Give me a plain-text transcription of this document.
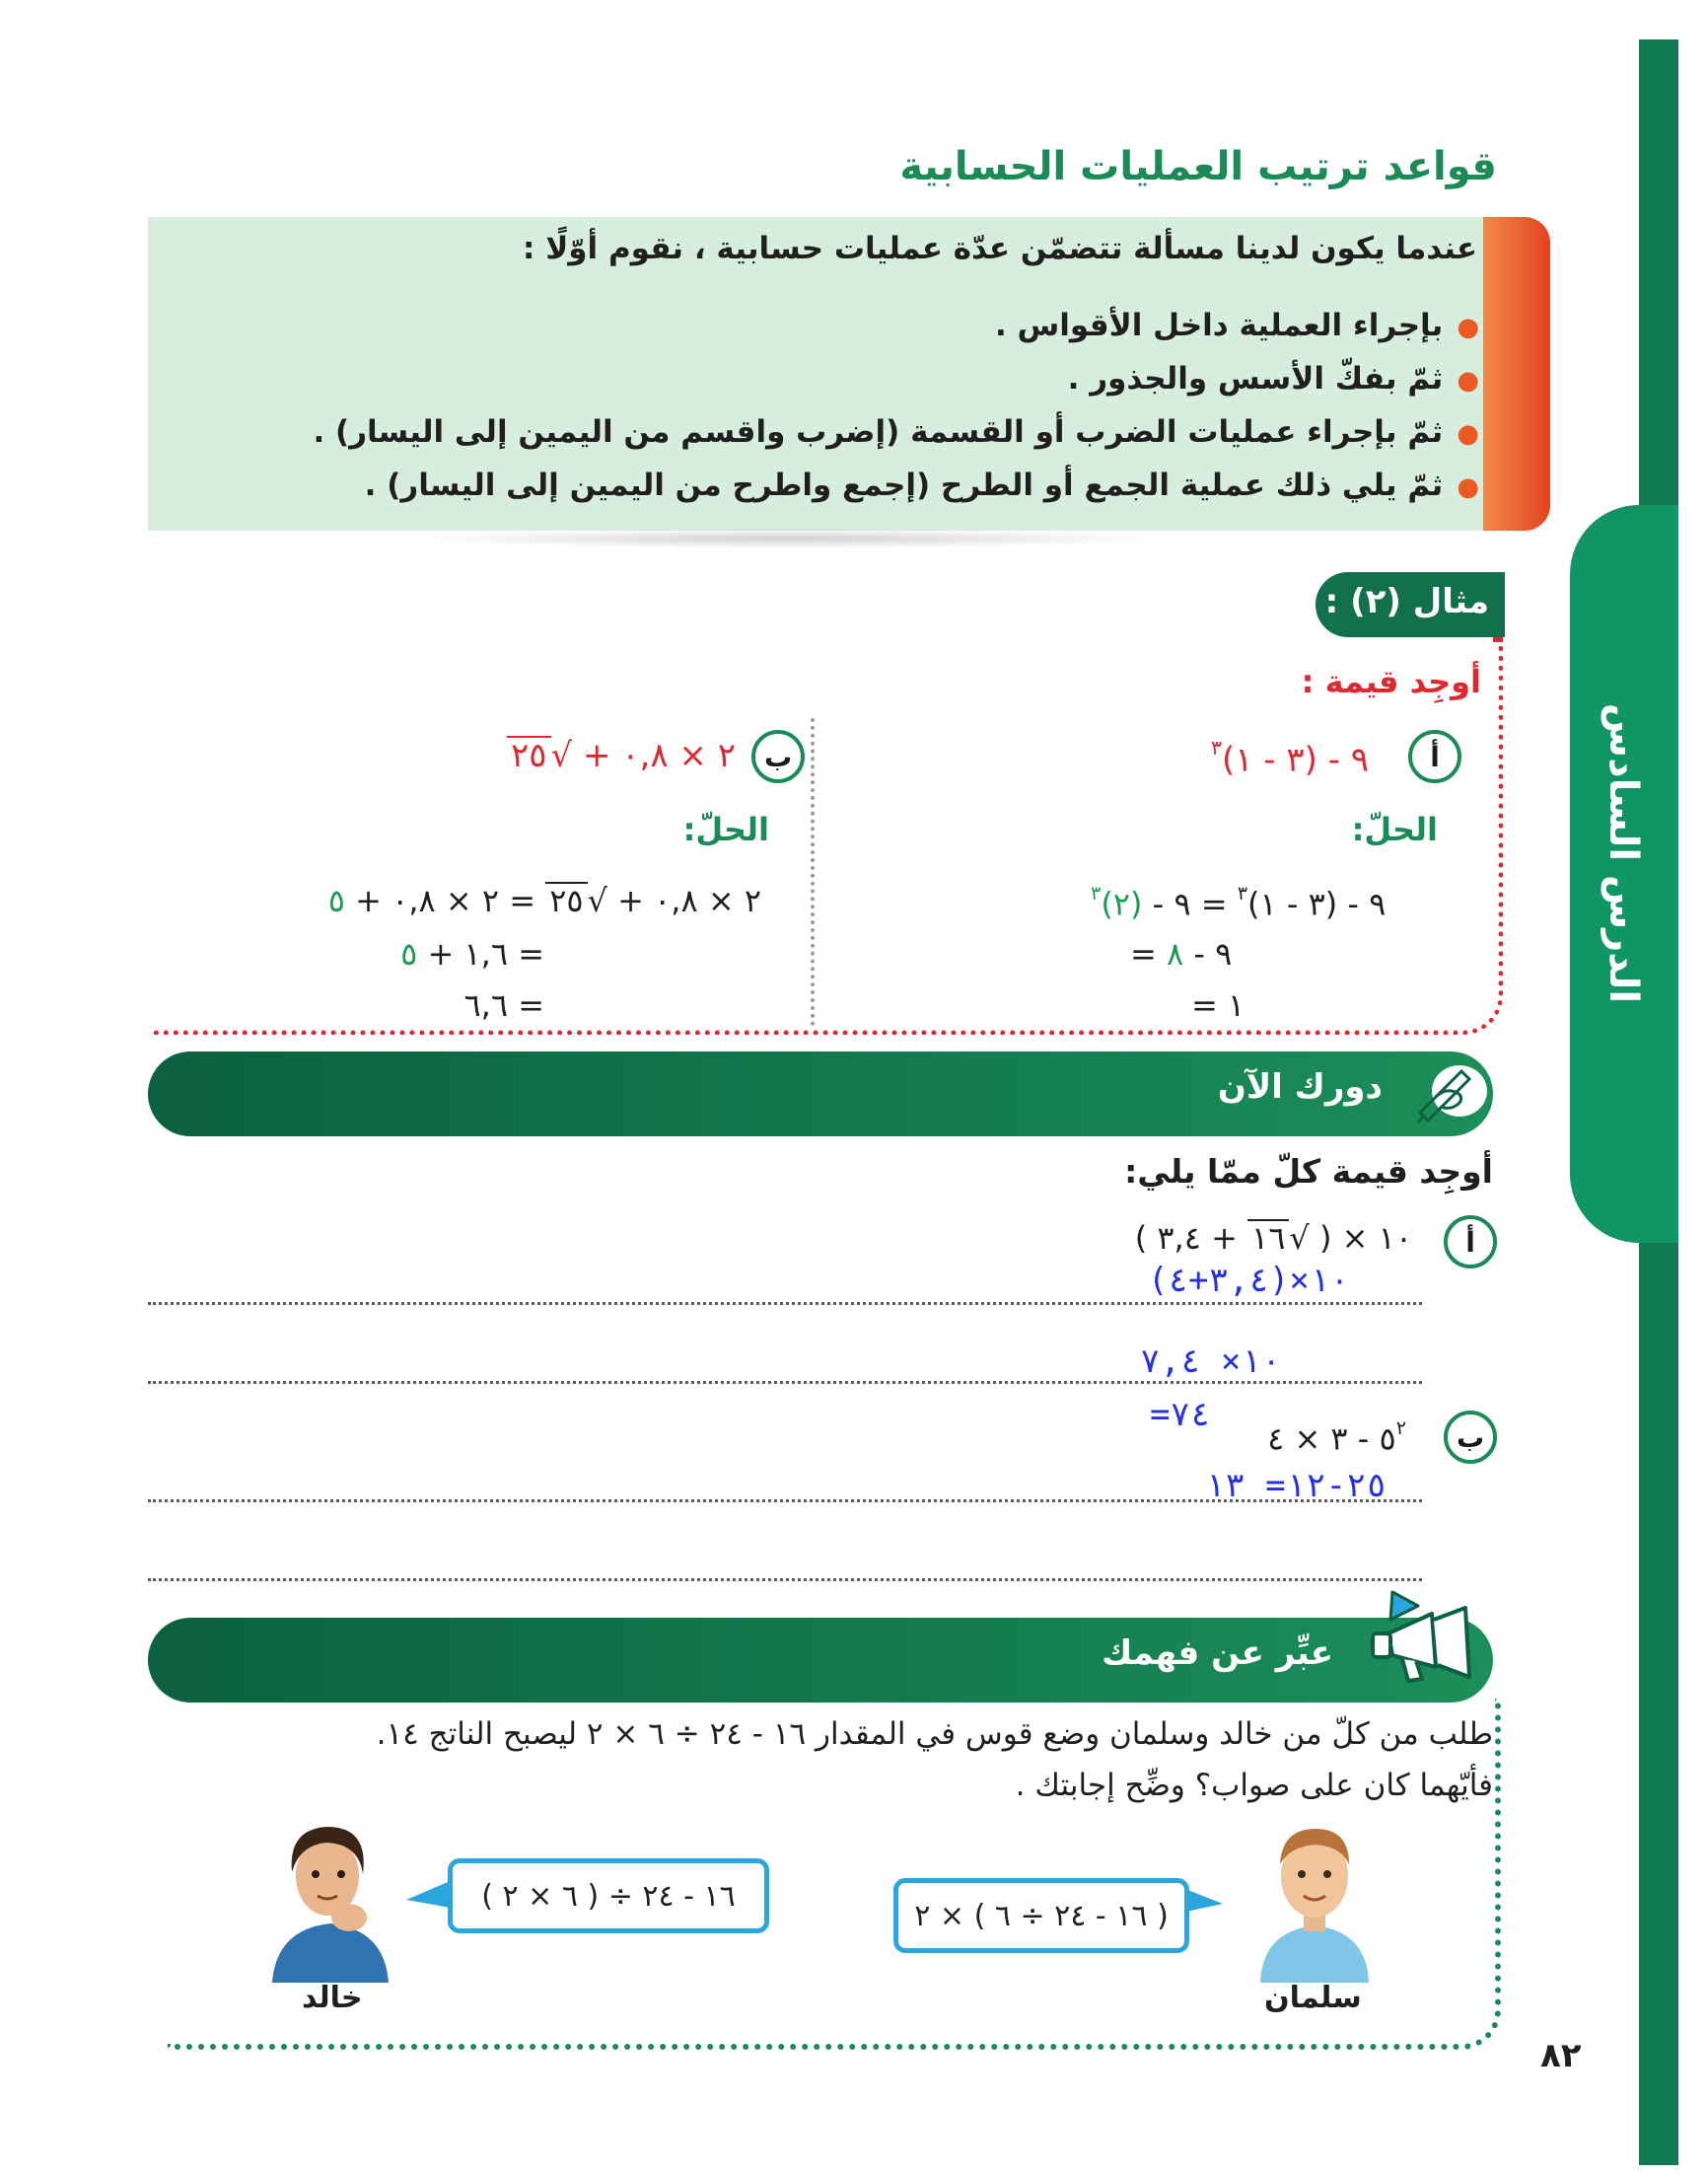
الدرس السادس
قواعد ترتيب العمليات الحسابية
عندما يكون لدينا مسألة تتضمّن عدّة عمليات حسابية ، نقوم أوّلًا :
●بإجراء العملية داخل الأقواس .
●ثمّ بفكّ الأسس والجذور .
●ثمّ بإجراء عمليات الضرب أو القسمة (إضرب واقسم من اليمين إلى اليسار) .
●ثمّ يلي ذلك عملية الجمع أو الطرح (إجمع واطرح من اليمين إلى اليسار) .
مثال (٢) :
أوجِد قيمة :
أ
٩ - (٣ - ١)$^٣$
الحلّ:
٩ - (٣ - ١)$^٣$ = ٩ - (٢)$^٣$
= ٩ - ٨
= ١
ب
٢ × ٠,٨ + √٢٥
الحلّ:
٢ × ٠,٨ + √٢٥ = ٢ × ٠,٨ + ٥
= ١,٦ + ٥
= ٦,٦
دورك الآن
أوجِد قيمة كلّ ممّا يلي:
أ
١٠ × ( √١٦ + ٣,٤ )
١٠×(٣,٤+٤)
١٠× ٧,٤
=٧٤
ب
$٥^٢$ - ٣ × ٤
٢٥-١٢= ١٣
عبِّر عن فهمك
طلب من كلّ من خالد وسلمان وضع قوس في المقدار ١٦ - ٢٤ ÷ ٦ × ٢ ليصبح الناتج ١٤.
فأيّهما كان على صواب؟ وضِّح إجابتك .
( ١٦ - ٢٤ ÷ ٦ ) × ٢
سلمان
١٦ - ٢٤ ÷ ( ٦ × ٢ )
خالد
٨٢
